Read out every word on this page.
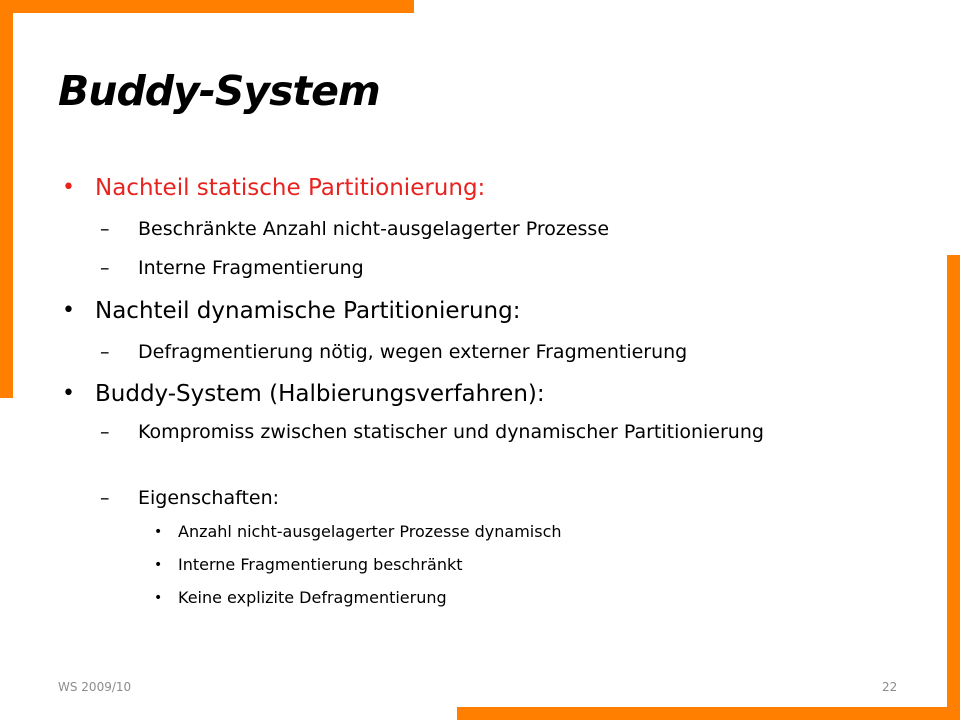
Buddy-System
• Nachteil statische Partitionierung:
– Beschränkte Anzahl nicht-ausgelagerter Prozesse
– Interne Fragmentierung
• Nachteil dynamische Partitionierung:
– Defragmentierung nötig, wegen externer Fragmentierung
• Buddy-System (Halbierungsverfahren):
– Kompromiss zwischen statischer und dynamischer Partitionierung
– Eigenschaften:
• Anzahl nicht-ausgelagerter Prozesse dynamisch
• Interne Fragmentierung beschränkt
• Keine explizite Defragmentierung
WS 2009/10	22
